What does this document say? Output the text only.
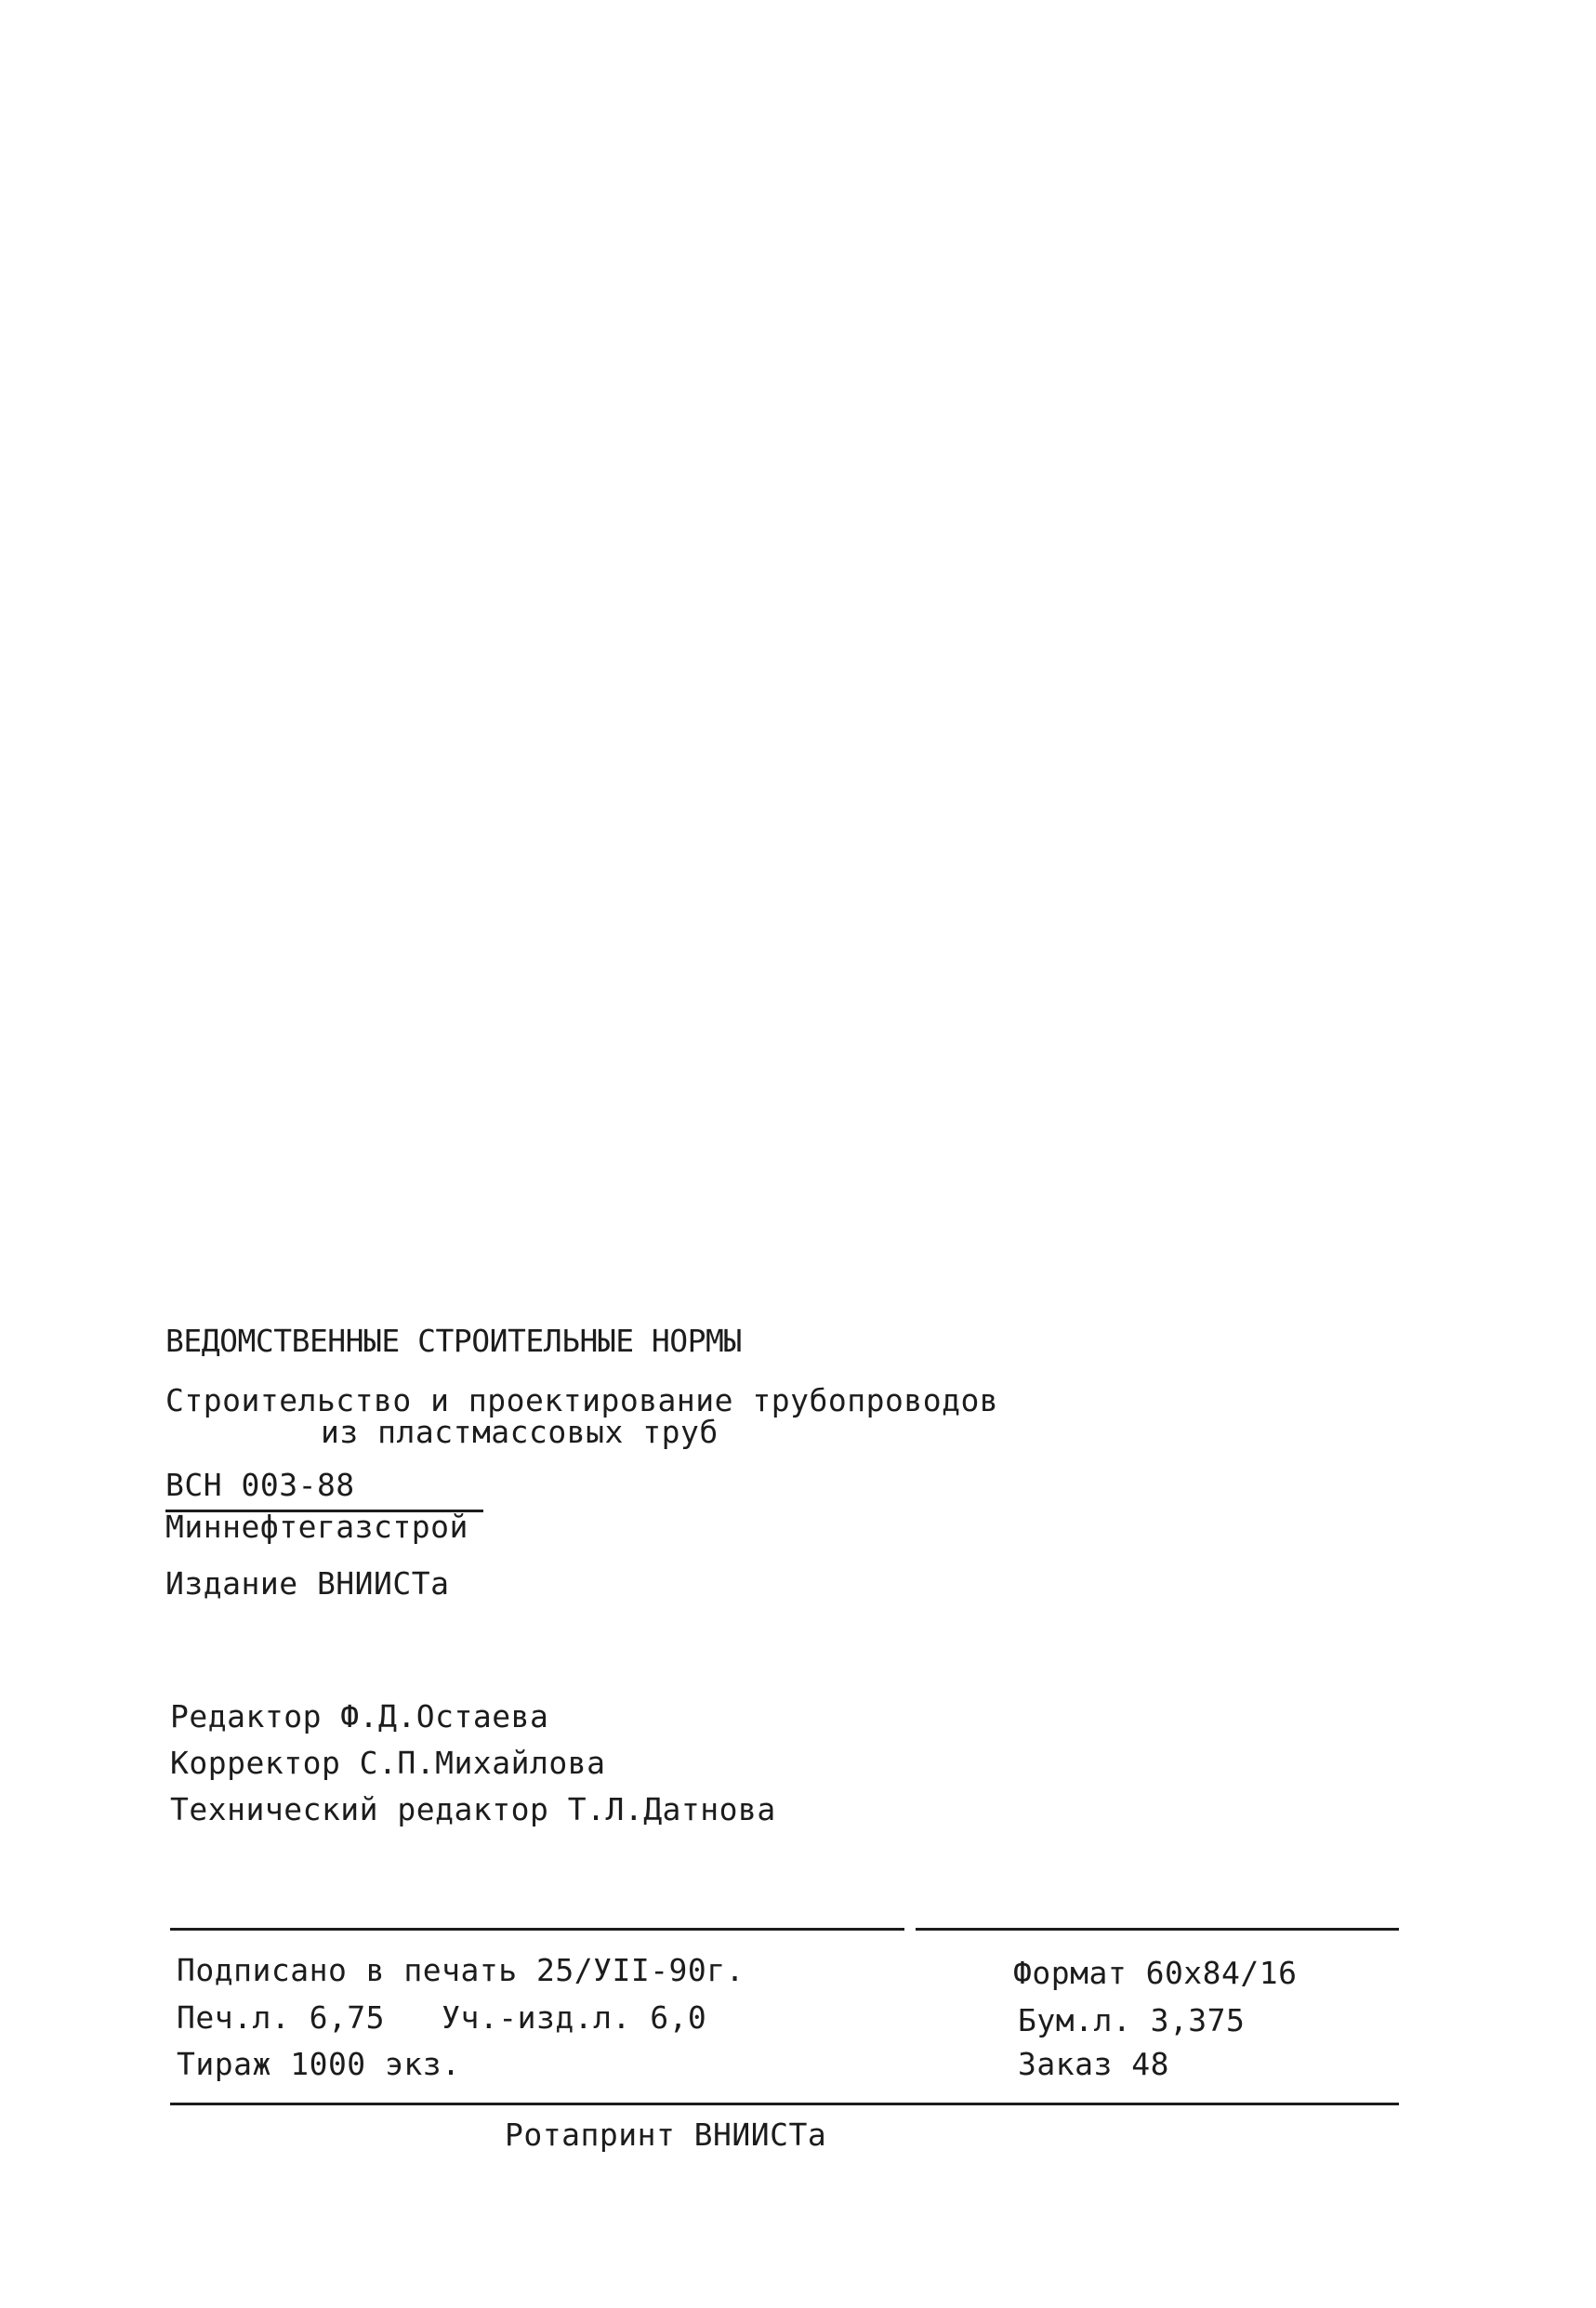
ВЕДОМСТВЕННЫЕ СТРОИТЕЛЬНЫЕ НОРМЫ
Строительство и проектирование трубопроводов
из пластмассовых труб
ВСН 003-88
Миннефтегазстрой
Издание ВНИИСТа
Редактор Ф.Д.Остаева
Корректор С.П.Михайлова
Технический редактор Т.Л.Датнова
Подписано в печать 25/УII-90г.
Печ.л. 6,75   Уч.-изд.л. 6,0
Тираж 1000 экз.
Формат 60х84/16
Бум.л. 3,375
Заказ 48
Ротапринт ВНИИСТа
